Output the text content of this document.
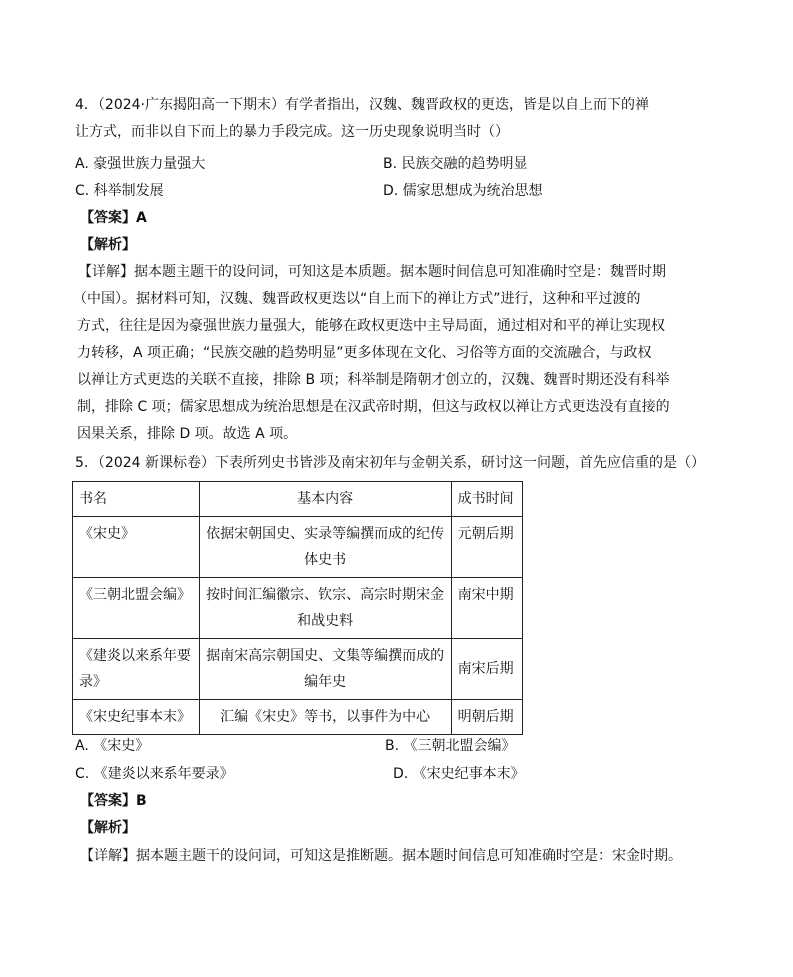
4．（2024·广东揭阳高一下期末）有学者指出，汉魏、魏晋政权的更迭，皆是以自上而下的禅
让方式，而非以自下而上的暴力手段完成。这一历史现象说明当时（）
A. 豪强世族力量强大	B. 民族交融的趋势明显
C. 科举制发展	D. 儒家思想成为统治思想
【答案】A
【解析】
【详解】据本题主题干的设问词，可知这是本质题。据本题时间信息可知准确时空是：魏晋时期
（中国）。据材料可知，汉魏、魏晋政权更迭以“自上而下的禅让方式”进行，这种和平过渡的
方式，往往是因为豪强世族力量强大，能够在政权更迭中主导局面，通过相对和平的禅让实现权
力转移，A 项正确；“民族交融的趋势明显”更多体现在文化、习俗等方面的交流融合，与政权
以禅让方式更迭的关联不直接，排除 B 项；科举制是隋朝才创立的，汉魏、魏晋时期还没有科举
制，排除 C 项；儒家思想成为统治思想是在汉武帝时期，但这与政权以禅让方式更迭没有直接的
因果关系，排除 D 项。故选 A 项。
5．（2024 新课标卷）下表所列史书皆涉及南宋初年与金朝关系，研讨这一问题，首先应信重的是（）
书名	基本内容	成书时间
《宋史》	依据宋朝国史、实录等编撰而成的纪传体史书	元朝后期
《三朝北盟会编》	按时间汇编徽宗、钦宗、高宗时期宋金和战史料	南宋中期
《建炎以来系年要录》	据南宋高宗朝国史、文集等编撰而成的编年史	南宋后期
《宋史纪事本末》	汇编《宋史》等书，以事件为中心	明朝后期
A. 《宋史》	B. 《三朝北盟会编》
C. 《建炎以来系年要录》	D. 《宋史纪事本末》
【答案】B
【解析】
【详解】据本题主题干的设问词，可知这是推断题。据本题时间信息可知准确时空是：宋金时期。
